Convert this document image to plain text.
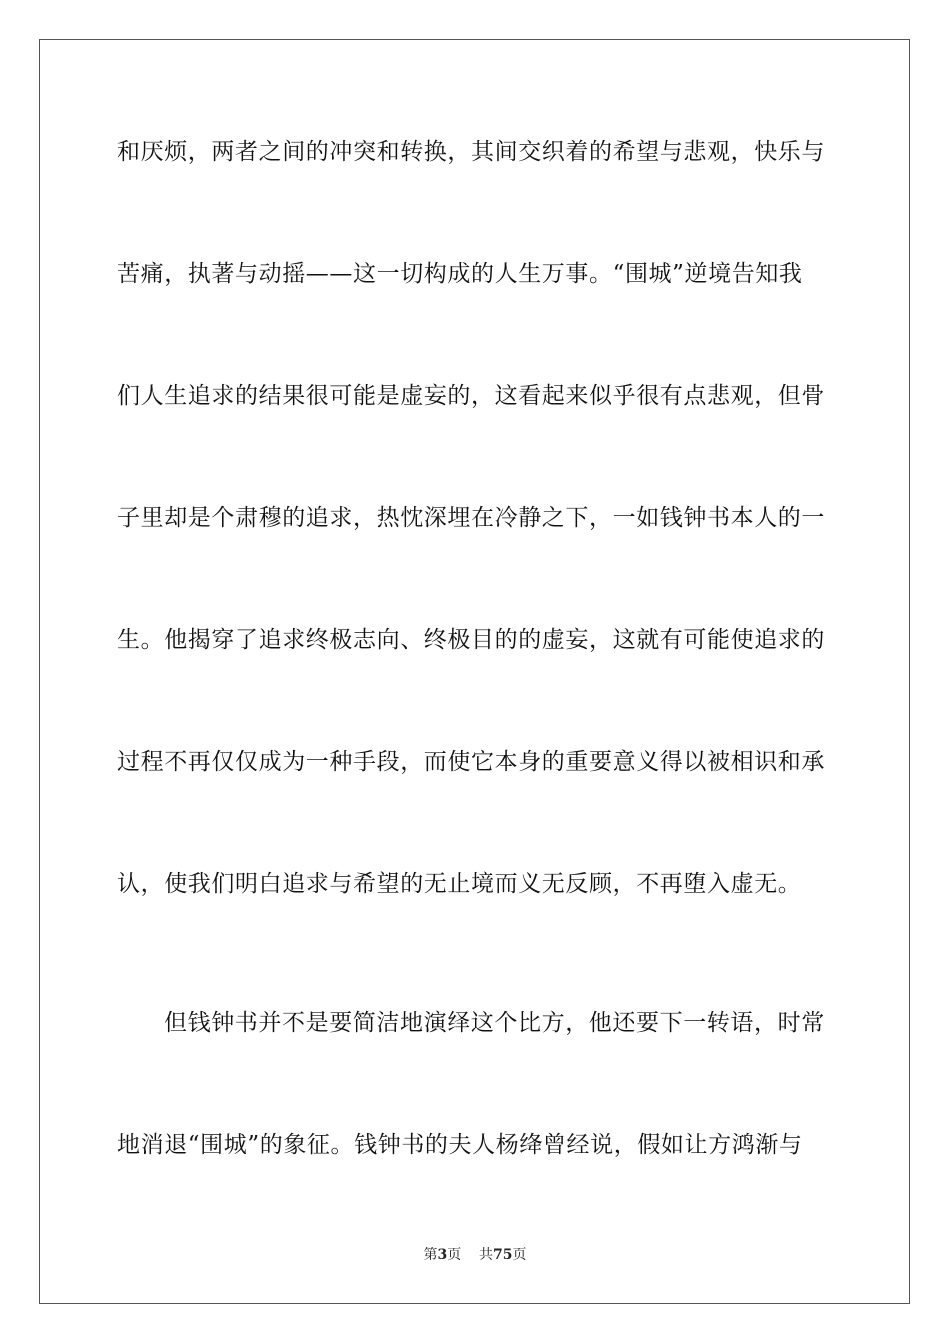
和厌烦，两者之间的冲突和转换，其间交织着的希望与悲观，快乐与
苦痛，执著与动摇——这一切构成的人生万事。“围城”逆境告知我
们人生追求的结果很可能是虚妄的，这看起来似乎很有点悲观，但骨
子里却是个肃穆的追求，热忱深埋在冷静之下，一如钱钟书本人的一
生。他揭穿了追求终极志向、终极目的的虚妄，这就有可能使追求的
过程不再仅仅成为一种手段，而使它本身的重要意义得以被相识和承
认，使我们明白追求与希望的无止境而义无反顾，不再堕入虚无。
但钱钟书并不是要简洁地演绎这个比方，他还要下一转语，时常
地消退“围城”的象征。钱钟书的夫人杨绛曾经说，假如让方鸿渐与
第3页 共75页
